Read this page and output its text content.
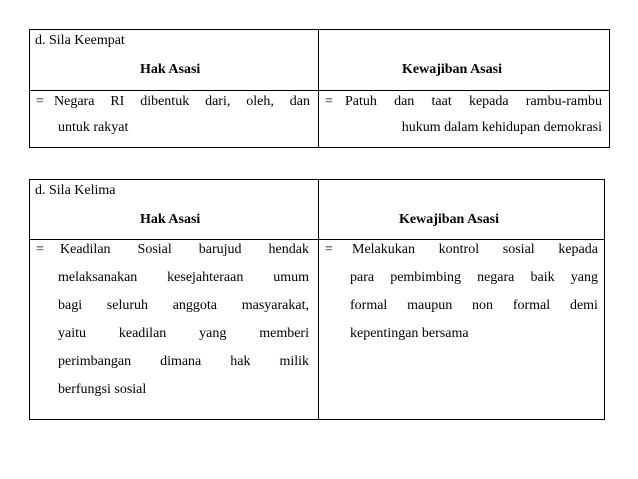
d. Sila Keempat
Hak Asasi	Kewajiban Asasi
= Negara RI dibentuk dari, oleh, dan
untuk rakyat
= Patuh dan taat kepada rambu-rambu
hukum dalam kehidupan demokrasi
d. Sila Kelima
Hak Asasi	Kewajiban Asasi
= Keadilan Sosial barujud hendak
melaksanakan kesejahteraan umum
bagi seluruh anggota masyarakat,
yaitu keadilan yang memberi
perimbangan dimana hak milik
berfungsi sosial
= Melakukan kontrol sosial kepada
para pembimbing negara baik yang
formal maupun non formal demi
kepentingan bersama
